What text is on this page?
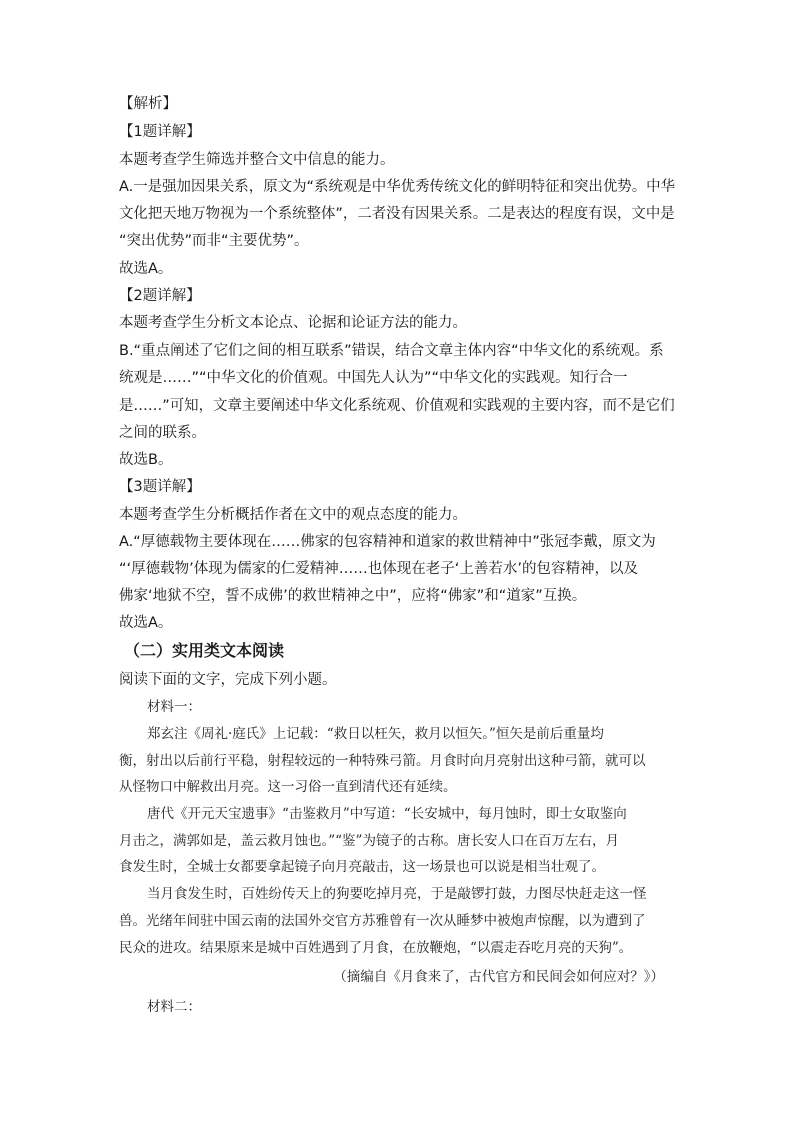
【解析】
【1题详解】
本题考查学生筛选并整合文中信息的能力。
A.一是强加因果关系，原文为“系统观是中华优秀传统文化的鲜明特征和突出优势。中华
文化把天地万物视为一个系统整体”，二者没有因果关系。二是表达的程度有误，文中是
“突出优势”而非“主要优势”。
故选A。
【2题详解】
本题考查学生分析文本论点、论据和论证方法的能力。
B.“重点阐述了它们之间的相互联系”错误，结合文章主体内容“中华文化的系统观。系
统观是……”“中华文化的价值观。中国先人认为”“中华文化的实践观。知行合一
是……”可知，文章主要阐述中华文化系统观、价值观和实践观的主要内容，而不是它们
之间的联系。
故选B。
【3题详解】
本题考查学生分析概括作者在文中的观点态度的能力。
A.“厚德载物主要体现在……佛家的包容精神和道家的救世精神中”张冠李戴，原文为
“‘厚德载物’体现为儒家的仁爱精神……也体现在老子‘上善若水’的包容精神，以及
佛家‘地狱不空，誓不成佛’的救世精神之中”，应将“佛家”和“道家”互换。
故选A。
（二）实用类文本阅读
阅读下面的文字，完成下列小题。
材料一：
郑玄注《周礼·庭氏》上记载：“救日以枉矢，救月以恒矢。”恒矢是前后重量均
衡，射出以后前行平稳，射程较远的一种特殊弓箭。月食时向月亮射出这种弓箭，就可以
从怪物口中解救出月亮。这一习俗一直到清代还有延续。
唐代《开元天宝遗事》“击鉴救月”中写道：“长安城中，每月蚀时，即士女取鉴向
月击之，满郭如是，盖云救月蚀也。”“鉴”为镜子的古称。唐长安人口在百万左右，月
食发生时，全城士女都要拿起镜子向月亮敲击，这一场景也可以说是相当壮观了。
当月食发生时，百姓纷传天上的狗要吃掉月亮，于是敲锣打鼓，力图尽快赶走这一怪
兽。光绪年间驻中国云南的法国外交官方苏雅曾有一次从睡梦中被炮声惊醒，以为遭到了
民众的进攻。结果原来是城中百姓遇到了月食，在放鞭炮，“以震走吞吃月亮的天狗”。
（摘编自《月食来了，古代官方和民间会如何应对？》）
材料二：
